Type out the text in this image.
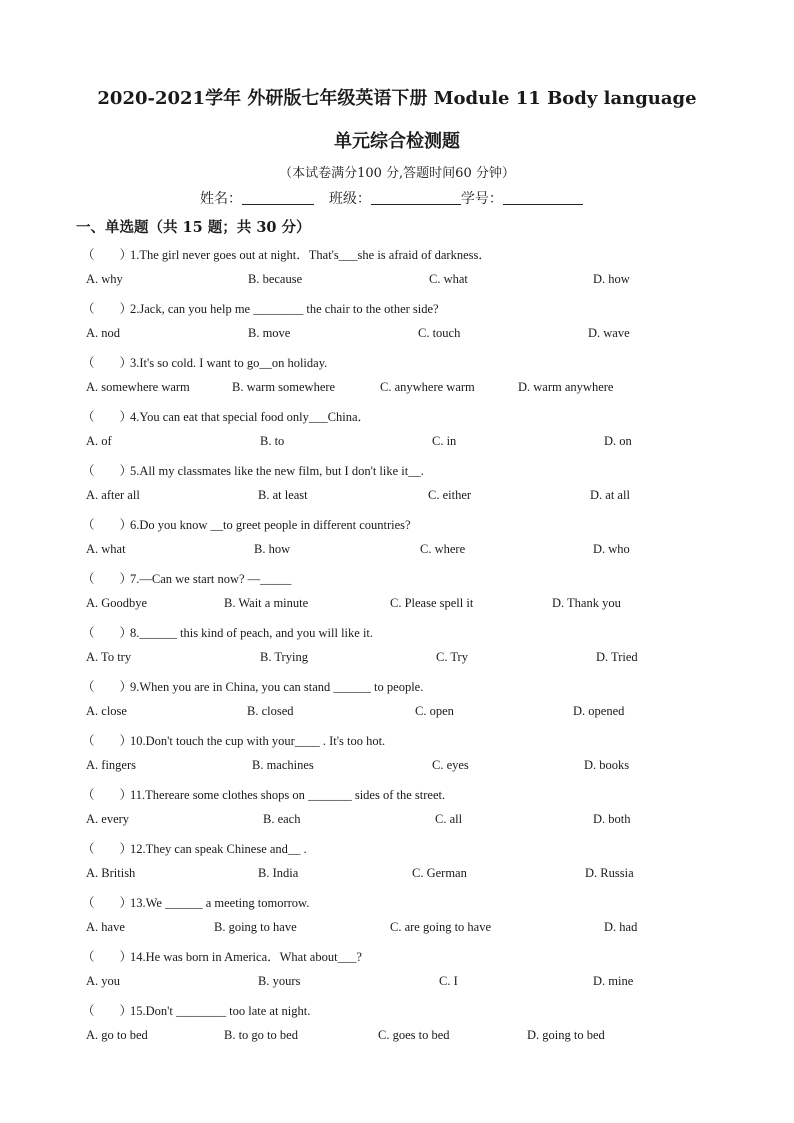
2020-2021学年 外研版七年级英语下册 Module 11 Body language
单元综合检测题
（本试卷满分100 分,答题时间60 分钟）
姓名：	班级：	学号：
一、单选题（共 15 题；共 30 分）
（　　）1.The girl never goes out at night．That's___she is afraid of darkness．
A. why	B. because	C. what	D. how
（　　）2.Jack, can you help me ________ the chair to the other side?
A. nod	B. move	C. touch	D. wave
（　　）3.It's so cold. I want to go__on holiday.
A. somewhere warm	B. warm somewhere	C. anywhere warm	D. warm anywhere
（　　）4.You can eat that special food only___China．
A. of	B. to	C. in	D. on
（　　）5.All my classmates like the new film, but I don't like it__.
A. after all	B. at least	C. either	D. at all
（　　）6.Do you know __to greet people in different countries?
A. what	B. how	C. where	D. who
（　　）7.—Can we start now? —_____
A. Goodbye	B. Wait a minute	C. Please spell it	D. Thank you
（　　）8.______ this kind of peach, and you will like it.
A. To try	B. Trying	C. Try	D. Tried
（　　）9.When you are in China, you can stand ______ to people.
A. close	B. closed	C. open	D. opened
（　　）10.Don't touch the cup with your____ . It's too hot.
A. fingers	B. machines	C. eyes	D. books
（　　）11.Thereare some clothes shops on _______ sides of the street.
A. every	B. each	C. all	D. both
（　　）12.They can speak Chinese and__ .
A. British	B. India	C. German	D. Russia
（　　）13.We ______ a meeting tomorrow.
A. have	B. going to have	C. are going to have	D. had
（　　）14.He was born in America．What about___?
A. you	B. yours	C. I	D. mine
（　　）15.Don't ________ too late at night.
A. go to bed	B. to go to bed	C. goes to bed	D. going to bed
